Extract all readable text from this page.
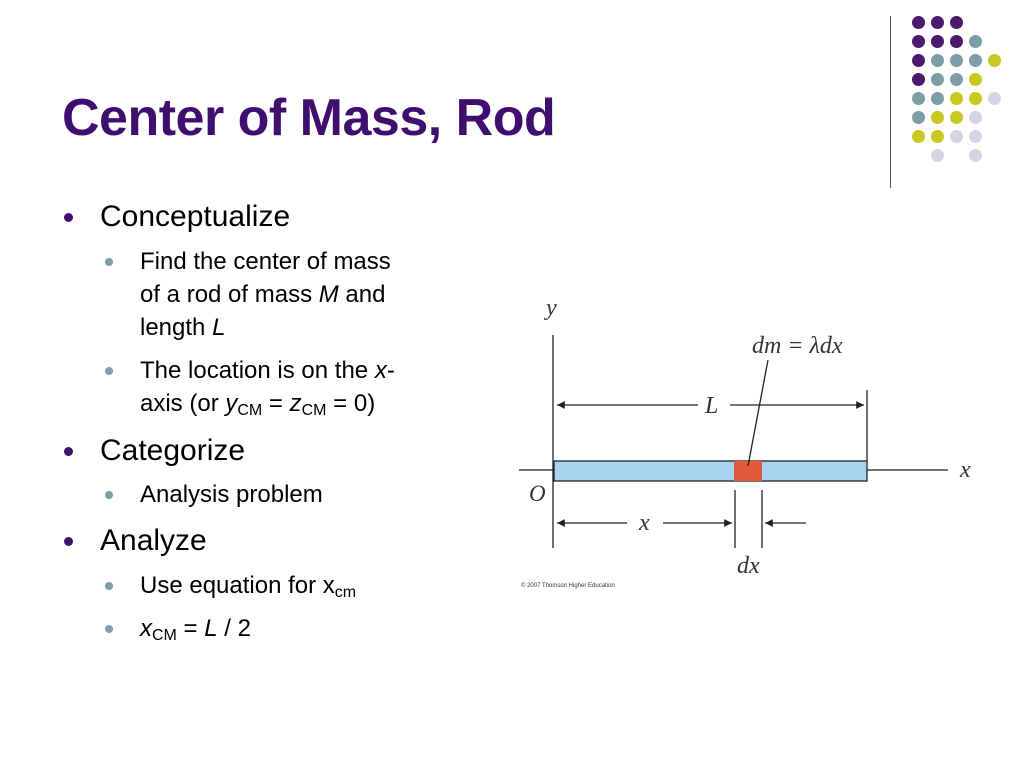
Center of Mass, Rod
Conceptualize
Find the center of mass
of a rod of mass M and
length L
The location is on the x-
axis (or $y_{CM} = z_{CM} = 0$)
Categorize
Analysis problem
Analyze
Use equation for $x_{cm}$
$x_{CM} = L / 2$
y
x
O
L
dm = λdx
x
dx
© 2007 Thomson Higher Education
